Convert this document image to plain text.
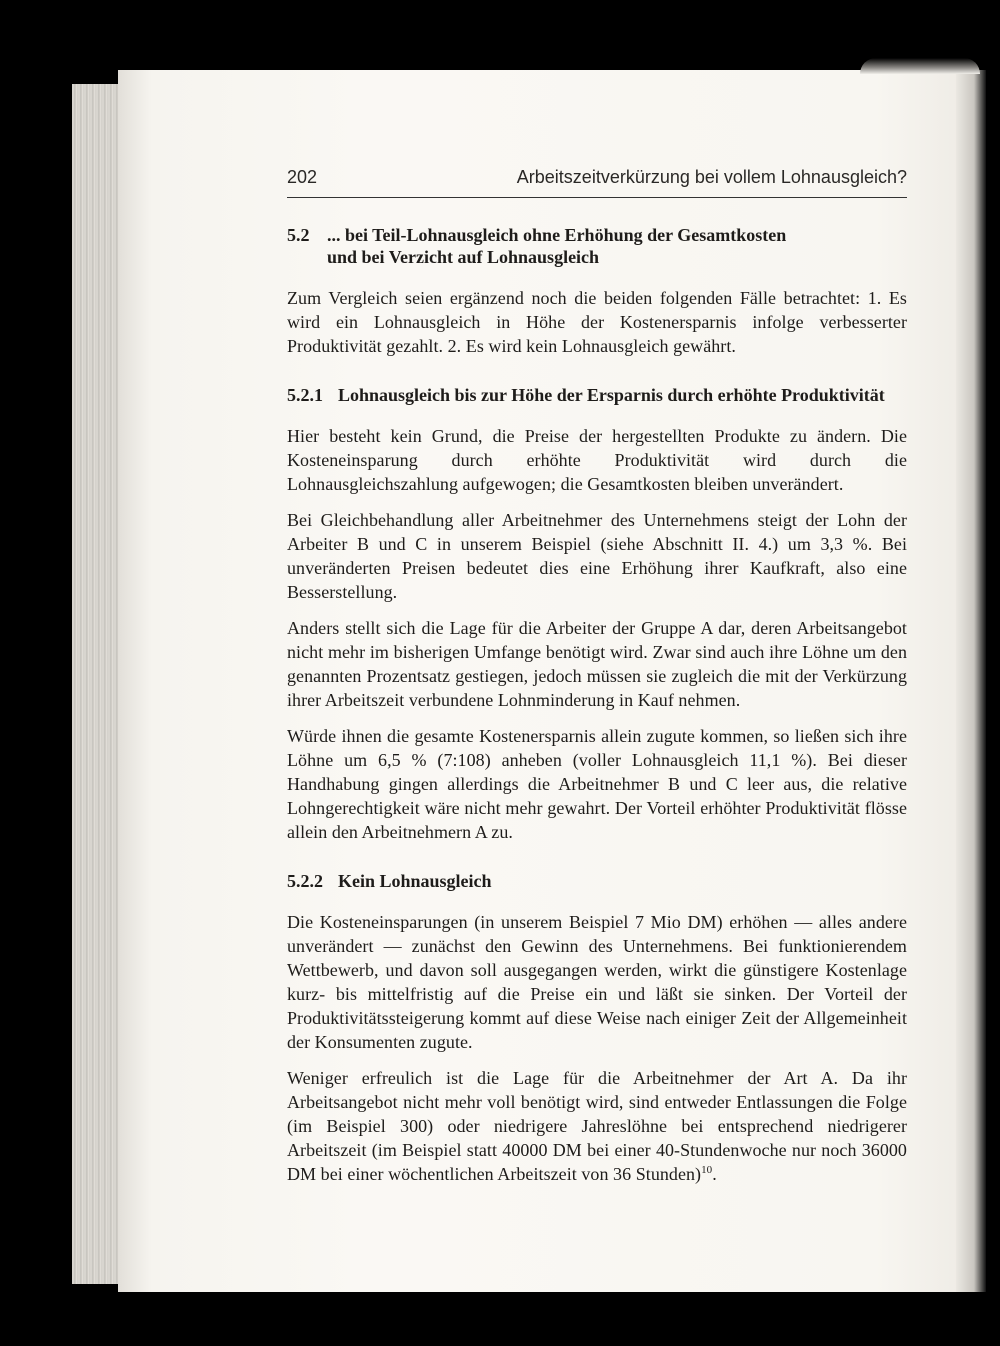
202	Arbeitszeitverkürzung bei vollem Lohnausgleich?
5.2 ... bei Teil-Lohnausgleich ohne Erhöhung der Gesamtkosten
und bei Verzicht auf Lohnausgleich

Zum Vergleich seien ergänzend noch die beiden folgenden Fälle betrachtet: 1. Es wird ein Lohnausgleich in Höhe der Kostenersparnis infolge verbesserter Produktivität gezahlt. 2. Es wird kein Lohnausgleich gewährt.

5.2.1 Lohnausgleich bis zur Höhe der Ersparnis durch erhöhte Produktivität

Hier besteht kein Grund, die Preise der hergestellten Produkte zu ändern. Die Kosteneinsparung durch erhöhte Produktivität wird durch die Lohnausgleichszahlung aufgewogen; die Gesamtkosten bleiben unverändert.

Bei Gleichbehandlung aller Arbeitnehmer des Unternehmens steigt der Lohn der Arbeiter B und C in unserem Beispiel (siehe Abschnitt II. 4.) um 3,3 %. Bei unveränderten Preisen bedeutet dies eine Erhöhung ihrer Kaufkraft, also eine Besserstellung.

Anders stellt sich die Lage für die Arbeiter der Gruppe A dar, deren Arbeitsangebot nicht mehr im bisherigen Umfange benötigt wird. Zwar sind auch ihre Löhne um den genannten Prozentsatz gestiegen, jedoch müssen sie zugleich die mit der Verkürzung ihrer Arbeitszeit verbundene Lohnminderung in Kauf nehmen.

Würde ihnen die gesamte Kostenersparnis allein zugute kommen, so ließen sich ihre Löhne um 6,5 % (7:108) anheben (voller Lohnausgleich 11,1 %). Bei dieser Handhabung gingen allerdings die Arbeitnehmer B und C leer aus, die relative Lohngerechtigkeit wäre nicht mehr gewahrt. Der Vorteil erhöhter Produktivität flösse allein den Arbeitnehmern A zu.

5.2.2 Kein Lohnausgleich

Die Kosteneinsparungen (in unserem Beispiel 7 Mio DM) erhöhen — alles andere unverändert — zunächst den Gewinn des Unternehmens. Bei funktionierendem Wettbewerb, und davon soll ausgegangen werden, wirkt die günstigere Kostenlage kurz- bis mittelfristig auf die Preise ein und läßt sie sinken. Der Vorteil der Produktivitätssteigerung kommt auf diese Weise nach einiger Zeit der Allgemeinheit der Konsumenten zugute.

Weniger erfreulich ist die Lage für die Arbeitnehmer der Art A. Da ihr Arbeitsangebot nicht mehr voll benötigt wird, sind entweder Entlassungen die Folge (im Beispiel 300) oder niedrigere Jahreslöhne bei entsprechend niedrigerer Arbeitszeit (im Beispiel statt 40000 DM bei einer 40-Stundenwoche nur noch 36000 DM bei einer wöchentlichen Arbeitszeit von 36 Stunden)$^{10}$.
